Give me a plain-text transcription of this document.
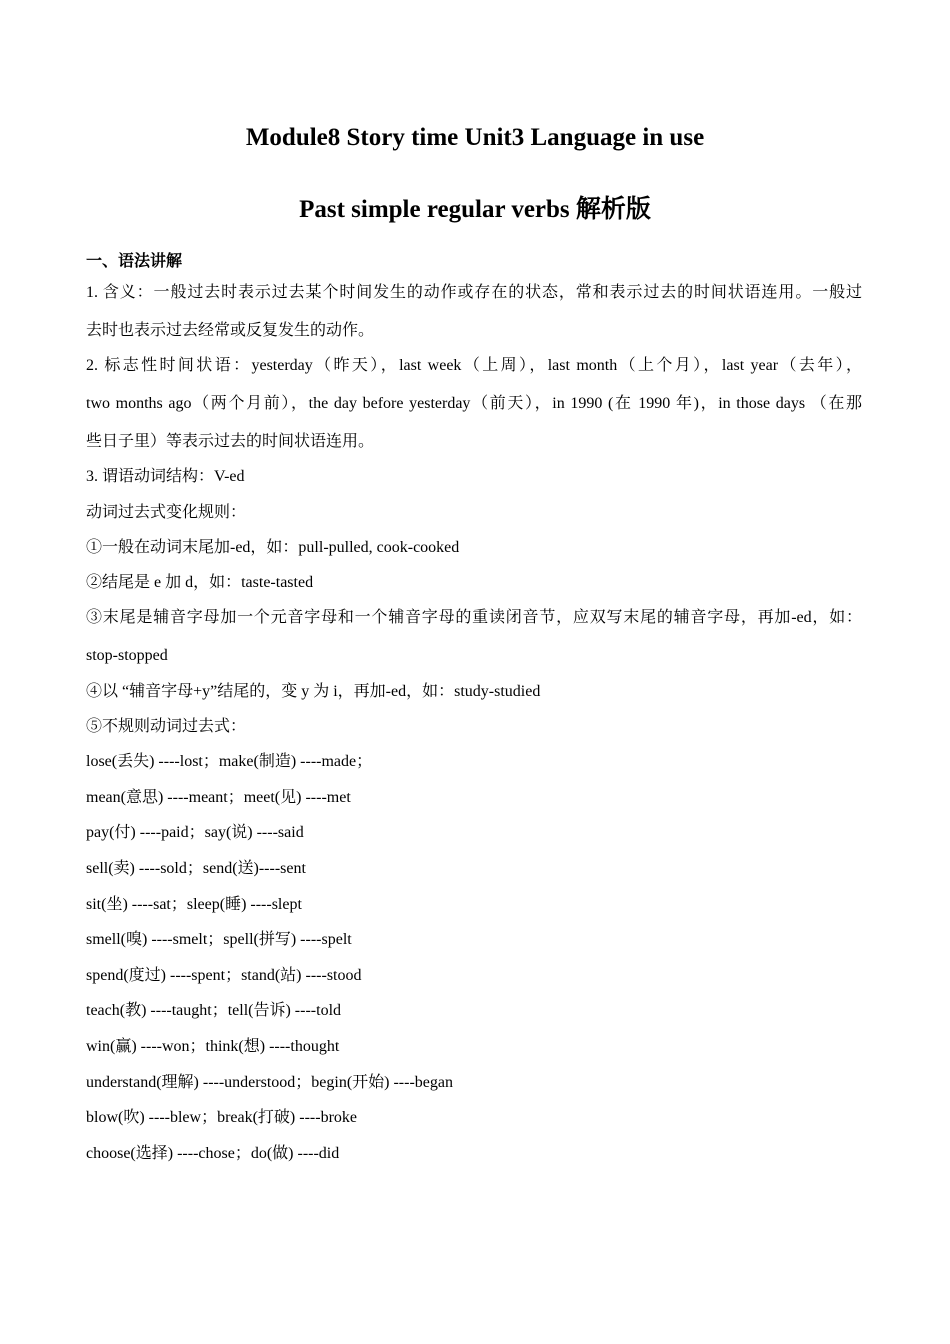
Module8 Story time Unit3 Language in use
Past simple regular verbs 解析版
一、语法讲解
1. 含义：一般过去时表示过去某个时间发生的动作或存在的状态，常和表示过去的时间状语连用。一般过
去时也表示过去经常或反复发生的动作。
2. 标志性时间状语：yesterday（昨天），last week（上周），last month（上个月），last year（去年），
two months ago（两个月前），the day before yesterday（前天），in 1990 (在 1990 年)，in those days （在那
些日子里）等表示过去的时间状语连用。
3. 谓语动词结构：V-ed
动词过去式变化规则：
①一般在动词末尾加-ed，如：pull-pulled, cook-cooked
②结尾是 e 加 d，如：taste-tasted
③末尾是辅音字母加一个元音字母和一个辅音字母的重读闭音节，应双写末尾的辅音字母，再加-ed，如：
stop-stopped
④以 “辅音字母+y”结尾的，变 y 为 i，再加-ed，如：study-studied
⑤不规则动词过去式：
lose(丢失) ----lost；make(制造) ----made；
mean(意思) ----meant；meet(见) ----met
pay(付) ----paid；say(说) ----said
sell(卖) ----sold；send(送)----sent
sit(坐) ----sat；sleep(睡) ----slept
smell(嗅) ----smelt；spell(拼写) ----spelt
spend(度过) ----spent；stand(站) ----stood
teach(教) ----taught；tell(告诉) ----told
win(赢) ----won；think(想) ----thought
understand(理解) ----understood；begin(开始) ----began
blow(吹) ----blew；break(打破) ----broke
choose(选择) ----chose；do(做) ----did
